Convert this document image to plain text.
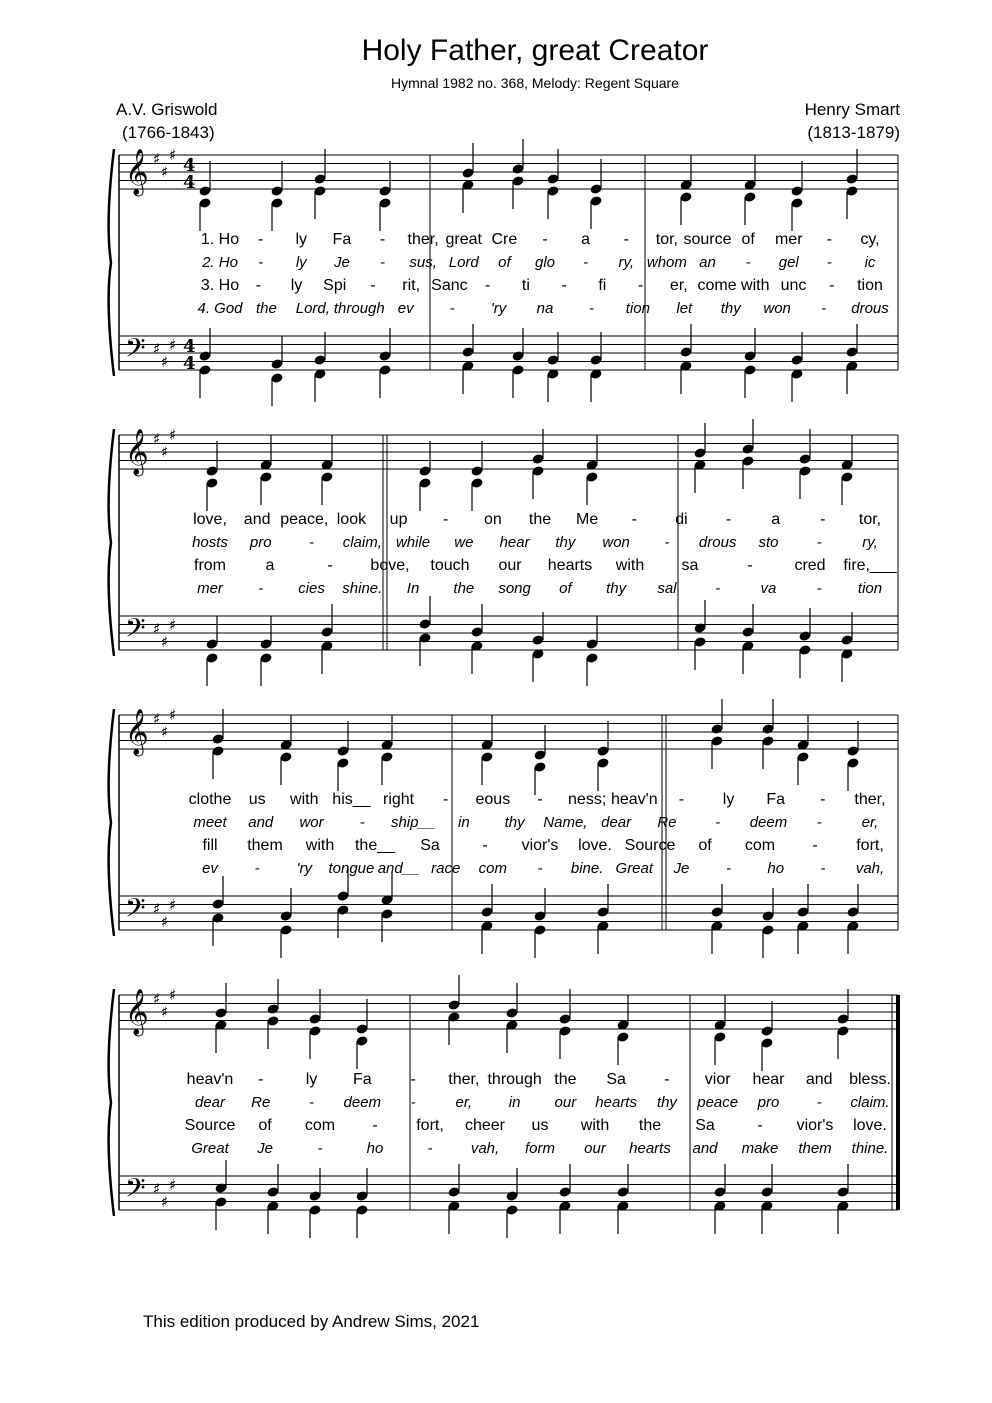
Holy Father, great Creator
Hymnal 1982 no. 368, Melody: Regent Square
A.V. Griswold
(1766-1843)
Henry Smart
(1813-1879)
𝄞
𝄢
♯
♯
♯
♯
♯
♯
4
4
4
4
𝄞
𝄢
♯
♯
♯
♯
♯
♯
𝄞
𝄢
♯
♯
♯
♯
♯
♯
𝄞
𝄢
♯
♯
♯
♯
♯
♯
1. Ho - ly Fa - ther, great Cre - a - tor, source of mer - cy,
2. Ho - ly Je - sus, Lord of glo - ry, whom an - gel - ic
3. Ho - ly Spi - rit, Sanc - ti - fi - er, come with unc - tion
4. God the Lord, through ev - 'ry na - tion let thy won - drous
love, and peace, look up - on the Me - di -	a	- tor,
hosts pro - claim, while we hear thy won - drous sto	-	ry,
from a	- bove, touch our hearts with sa	-	cred fire,___
mer - cies shine. In the song of thy sal	-	va	- tion
clothe us with his__ right - eous - ness; heav'n - ly Fa - ther,
meet and wor - ship__ in thy Name, dear Re	- deem -	er,
fill them with the__ Sa	- vior's love. Source of com - fort,
ev - 'ry tongue and__ race com - bine. Great Je - ho - vah,
heav'n -	ly Fa - ther, through the Sa - vior hear and bless.
dear Re	- deem -	er, in our hearts thy peace pro - claim.
Source of com - fort, cheer us with the Sa	- vior's love.
Great Je	-	ho	-	vah, form our hearts and make them thine.
This edition produced by Andrew Sims, 2021
